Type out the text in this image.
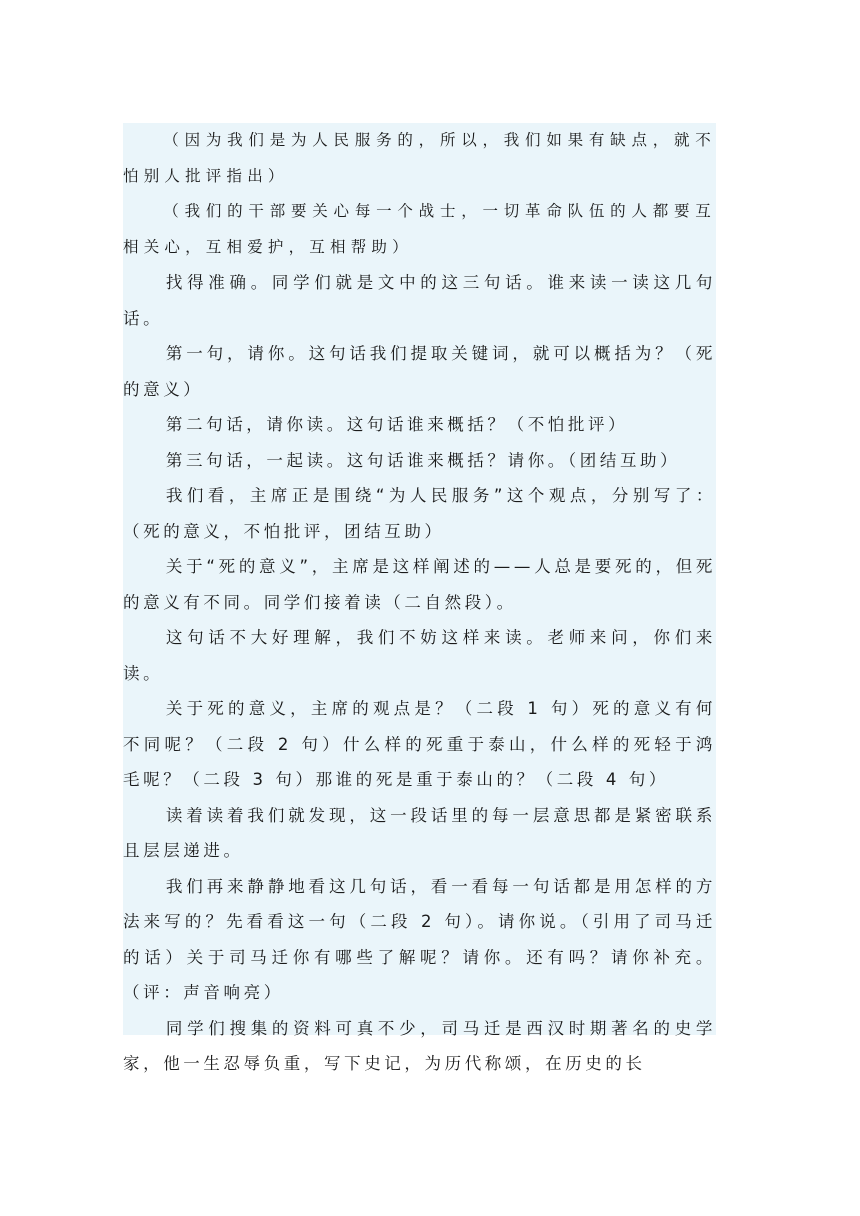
（因为我们是为人民服务的，所以，我们如果有缺点，就不怕别人批评指出）

（我们的干部要关心每一个战士，一切革命队伍的人都要互相关心，互相爱护，互相帮助）

找得准确。同学们就是文中的这三句话。谁来读一读这几句话。

第一句，请你。这句话我们提取关键词，就可以概括为？（死的意义）

第二句话，请你读。这句话谁来概括？（不怕批评）

第三句话，一起读。这句话谁来概括？请你。（团结互助）

我们看，主席正是围绕“为人民服务”这个观点，分别写了：（死的意义，不怕批评，团结互助）

关于“死的意义”，主席是这样阐述的——人总是要死的，但死的意义有不同。同学们接着读（二自然段）。

这句话不大好理解，我们不妨这样来读。老师来问，你们来读。

关于死的意义，主席的观点是？（二段 1 句）死的意义有何不同呢？（二段 2 句）什么样的死重于泰山，什么样的死轻于鸿毛呢？（二段 3 句）那谁的死是重于泰山的？（二段 4 句）

读着读着我们就发现，这一段话里的每一层意思都是紧密联系且层层递进。

我们再来静静地看这几句话，看一看每一句话都是用怎样的方法来写的？先看看这一句（二段 2 句）。请你说。（引用了司马迁的话）关于司马迁你有哪些了解呢？请你。还有吗？请你补充。（评：声音响亮）

同学们搜集的资料可真不少，司马迁是西汉时期著名的史学家，他一生忍辱负重，写下史记，为历代称颂，在历史的长
